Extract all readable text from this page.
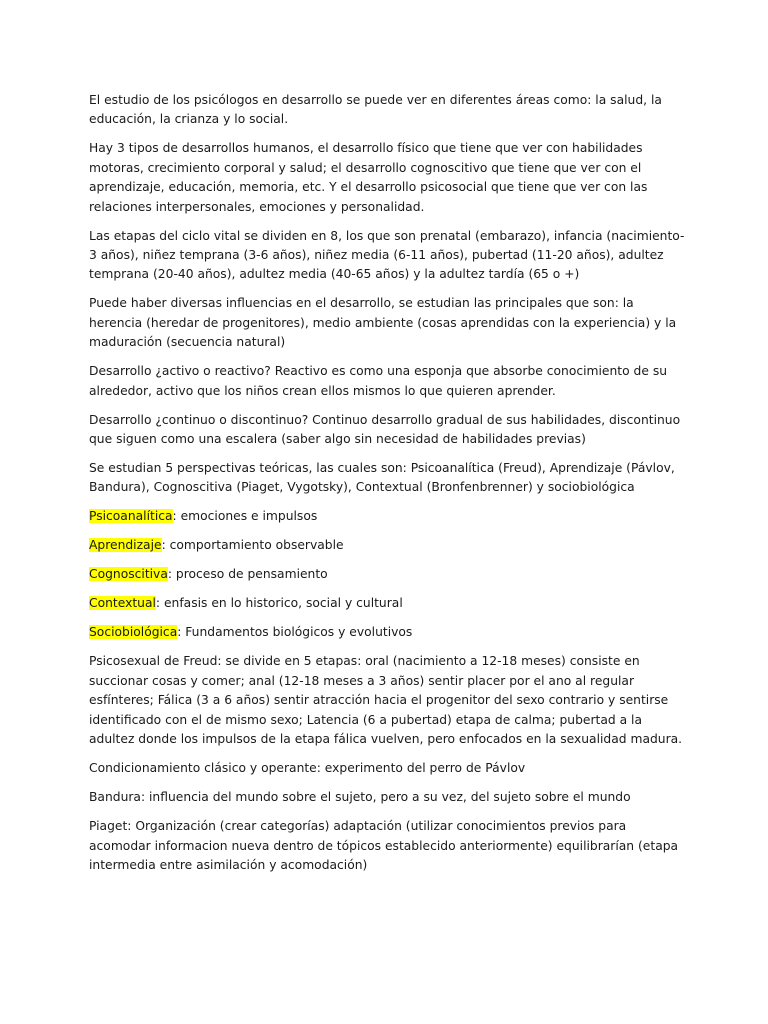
El estudio de los psicólogos en desarrollo se puede ver en diferentes áreas como: la salud, la educación, la crianza y lo social.

Hay 3 tipos de desarrollos humanos, el desarrollo físico que tiene que ver con habilidades motoras, crecimiento corporal y salud; el desarrollo cognoscitivo que tiene que ver con el aprendizaje, educación, memoria, etc. Y el desarrollo psicosocial que tiene que ver con las relaciones interpersonales, emociones y personalidad.

Las etapas del ciclo vital se dividen en 8, los que son prenatal (embarazo), infancia (nacimiento-3 años), niñez temprana (3-6 años), niñez media (6-11 años), pubertad (11-20 años), adultez temprana (20-40 años), adultez media (40-65 años) y la adultez tardía (65 o +)

Puede haber diversas influencias en el desarrollo, se estudian las principales que son: la herencia (heredar de progenitores), medio ambiente (cosas aprendidas con la experiencia) y la maduración (secuencia natural)

Desarrollo ¿activo o reactivo? Reactivo es como una esponja que absorbe conocimiento de su alrededor, activo que los niños crean ellos mismos lo que quieren aprender.

Desarrollo ¿continuo o discontinuo? Continuo desarrollo gradual de sus habilidades, discontinuo que siguen como una escalera (saber algo sin necesidad de habilidades previas)

Se estudian 5 perspectivas teóricas, las cuales son: Psicoanalítica (Freud), Aprendizaje (Pávlov, Bandura), Cognoscitiva (Piaget, Vygotsky), Contextual (Bronfenbrenner) y sociobiológica

Psicoanalítica: emociones e impulsos

Aprendizaje: comportamiento observable

Cognoscitiva: proceso de pensamiento

Contextual: enfasis en lo historico, social y cultural

Sociobiológica: Fundamentos biológicos y evolutivos

Psicosexual de Freud: se divide en 5 etapas: oral (nacimiento a 12-18 meses) consiste en succionar cosas y comer; anal (12-18 meses a 3 años) sentir placer por el ano al regular esfínteres; Fálica (3 a 6 años) sentir atracción hacia el progenitor del sexo contrario y sentirse identificado con el de mismo sexo; Latencia (6 a pubertad) etapa de calma; pubertad a la adultez donde los impulsos de la etapa fálica vuelven, pero enfocados en la sexualidad madura.

Condicionamiento clásico y operante: experimento del perro de Pávlov

Bandura: influencia del mundo sobre el sujeto, pero a su vez, del sujeto sobre el mundo

Piaget: Organización (crear categorías) adaptación (utilizar conocimientos previos para acomodar informacion nueva dentro de tópicos establecido anteriormente) equilibrarían (etapa intermedia entre asimilación y acomodación)
